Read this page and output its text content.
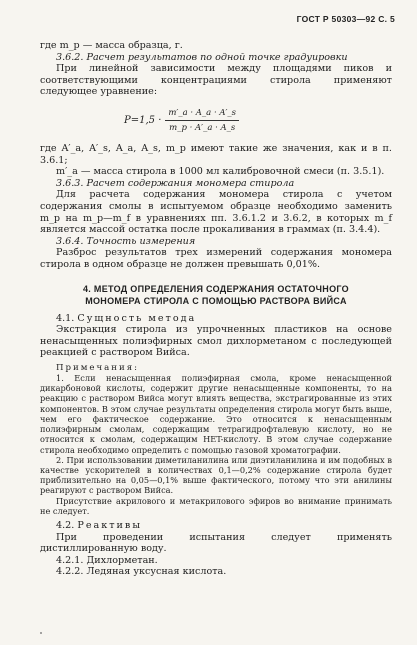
ГОСТ Р 50303—92 С. 5

где m_р — масса образца, г.

3.6.2. Расчет результатов по одной точке градуировки

При линейной зависимости между площадями пиков и соответствующими концентрациями стирола применяют следующее уравнение:

$P=1,5 \cdot \frac{m'\_a \cdot A\_a \cdot A'\_s}{m\_р \cdot A'\_a \cdot A\_s}$

где A′_a, A′_s, A_a, A_s, m_р имеют такие же значения, как и в п. 3.6.1;

m′_a — масса стирола в 1000 мл калибровочной смеси (п. 3.5.1).

3.6.3. Расчет содержания мономера стирола

Для расчета содержания мономера стирола с учетом содержания смолы в испытуемом образце необходимо заменить m_р на m_р—m_f в уравнениях пп. 3.6.1.2 и 3.6.2, в которых m_f является массой остатка после прокаливания в граммах (п. 3.4.4).

3.6.4. Точность измерения

Разброс результатов трех измерений содержания мономера стирола в одном образце не должен превышать 0,01%.

4. МЕТОД ОПРЕДЕЛЕНИЯ СОДЕРЖАНИЯ ОСТАТОЧНОГО
МОНОМЕРА СТИРОЛА С ПОМОЩЬЮ РАСТВОРА ВИЙСА

4.1. Сущность метода

Экстракция стирола из упрочненных пластиков на основе ненасыщенных полиэфирных смол дихлорметаном с последующей реакцией с раствором Вийса.

Примечания:

1. Если ненасыщенная полиэфирная смола, кроме ненасыщенной дикарбоновой кислоты, содержит другие ненасыщенные компоненты, то на реакцию с раствором Вийса могут влиять вещества, экстрагированные из этих компонентов. В этом случае результаты определения стирола могут быть выше, чем его фактическое содержание. Это относится к ненасыщенным полиэфирным смолам, содержащим тетрагидрофталевую кислоту, но не относится к смолам, содержащим HET-кислоту. В этом случае содержание стирола необходимо определить с помощью газовой хроматографии.

2. При использовании диметиланилина или диэтиланилина и им подобных в качестве ускорителей в количествах 0,1—0,2% содержание стирола будет приблизительно на 0,05—0,1% выше фактического, потому что эти анилины реагируют с раствором Вийса.

Присутствие акрилового и метакрилового эфиров во внимание принимать не следует.

4.2. Реактивы

При проведении испытания следует применять дистиллированную воду.

4.2.1. Дихлорметан.

4.2.2. Ледяная уксусная кислота.
